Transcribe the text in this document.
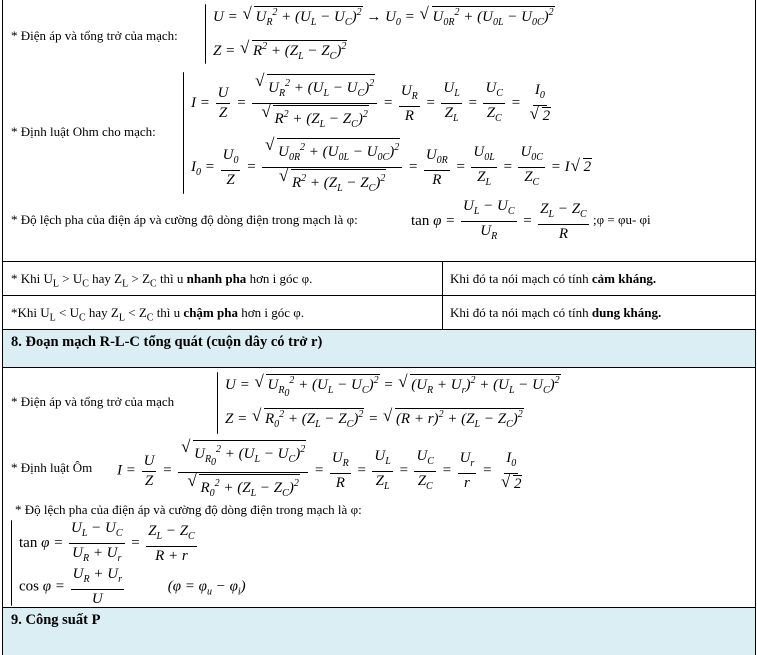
* Điện áp và tổng trở của mạch:
U = √ $U_R^2 + (U_L - U_C)^2 \to U_0$ = √ $U_{0R}^2 + (U_{0L} - U_{0C})^2$
Z = √ $R^2 + (Z_L - Z_C)^2$
* Định luật Ohm cho mạch:
$I = \frac{U}{Z}$ =
√ $U_R^2 + (U_L - U_C)^2$
√ $R^2 + (Z_L - Z_C)^2 = \frac{U_R}{R} = \frac{U_L}{Z_L} = \frac{U_C}{Z_C} = I_0$
√ 2
$I_0 = \frac{U_0}{Z}$ =
√ $U_{0R}^2 + (U_{0L} - U_{0C})^2$
√ $R^2 + (Z_L - Z_C)^2 = \frac{U_{0R}}{R} = \frac{U_{0L}}{Z_L} = \frac{U_{0C}}{Z_C} = I√$ 2
* Độ lệch pha của điện áp và cường độ dòng điện trong mạch là φ:	$\tan \varphi = \frac{U_L - U_C}{U_R} = \frac{Z_L - Z_C}{R}$ ;φ = φu- φi
* Khi $U_L > U_C$ hay $Z_L > Z_C$ thì u nhanh pha hơn i góc φ.	Khi đó ta nói mạch có tính cảm kháng.
*Khi $U_L < U_C$ hay $Z_L < Z_C$ thì u chậm pha hơn i góc φ.	Khi đó ta nói mạch có tính dung kháng.
8. Đoạn mạch R-L-C tổng quát (cuộn dây có trở r)
* Điện áp và tổng trở của mạch
U = √ $U_{R_0}^2 + (U_L - U_C)^2$ = √ $(U_R + U_r)^2 + (U_L - U_C)^2$
Z = √ $R_0^2 + (Z_L - Z_C)^2$ = √ $(R + r)^2 + (Z_L - Z_C)^2$
* Định luật Ôm $I = \frac{U}{Z}$ =
√ $U_{R_0}^2 + (U_L - U_C)^2$
√ $R_0^2 + (Z_L - Z_C)^2 = \frac{U_R}{R} = \frac{U_L}{Z_L} = \frac{U_C}{Z_C} = \frac{U_r}{r} = I_0$
√ 2
* Độ lệch pha của điện áp và cường độ dòng điện trong mạch là φ:
$\tan \varphi = \frac{U_L - U_C}{U_R + U_r} = \frac{Z_L - Z_C}{R + r}$
$\cos \varphi = \frac{U_R + U_r}{U}$	$(\varphi = \varphi_u - \varphi_i)$
9. Công suất P
